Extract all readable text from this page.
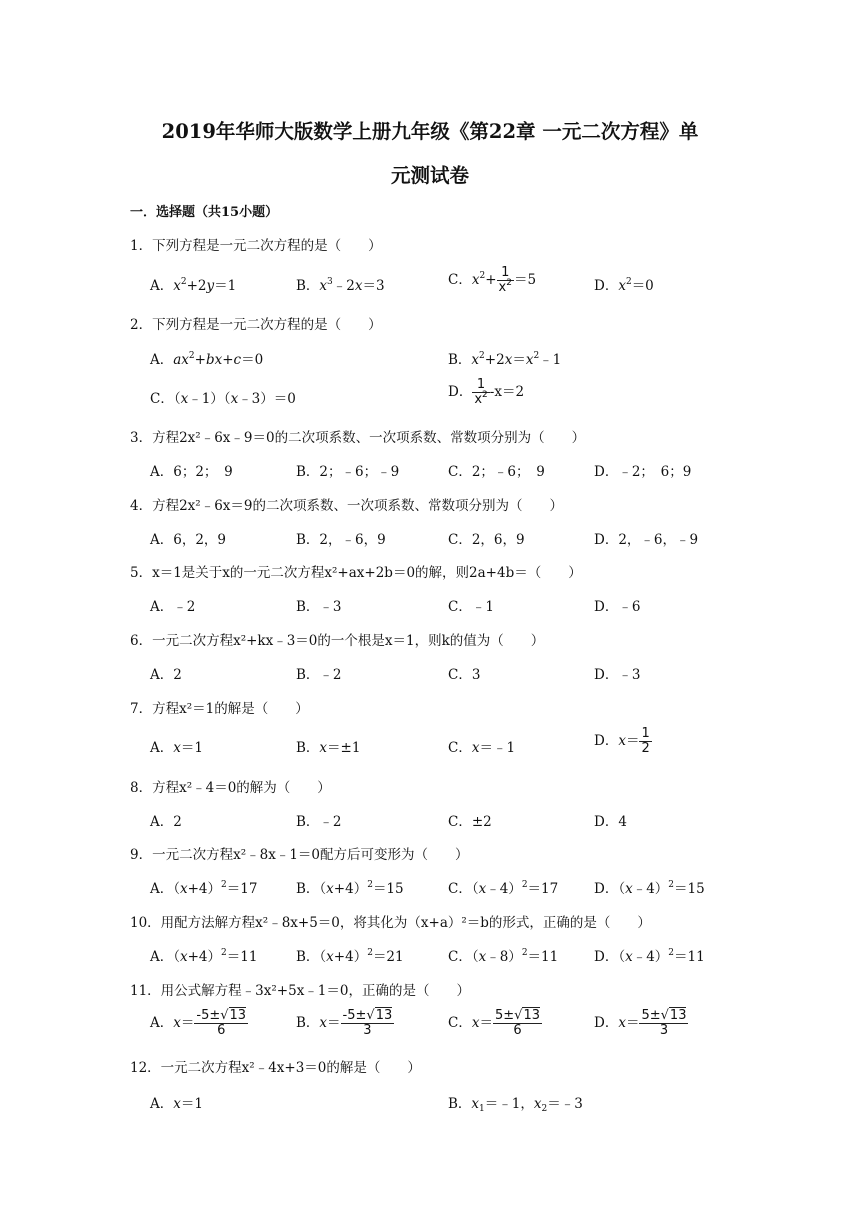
2019年华师大版数学上册九年级《第22章 一元二次方程》单
元测试卷
一．选择题（共15小题）
1．下列方程是一元二次方程的是（　　）
A．$x^2+2y=1$	B．$x^3﹣2x=3$	C．$x^2+ \frac{1}{x^2} =5$	D．$x^2=0$
2．下列方程是一元二次方程的是（　　）
A．$ax^2+bx+c=0$	B．$x^2+2x=x^2﹣1$
C．（x﹣1）（x﹣3）＝0	D． $\frac{1}{x^2} -x=2$
3．方程2x²﹣6x﹣9＝0的二次项系数、一次项系数、常数项分别为（　　）
A．6；2；　9	B．2；﹣6；﹣9	C．2；﹣6；　9	D．﹣2；　6；9
4．方程2x²﹣6x＝9的二次项系数、一次项系数、常数项分别为（　　）
A．6，2，9	B．2，﹣6，9	C．2，6，9	D．2，﹣6，﹣9
5．x＝1是关于x的一元二次方程x²+ax+2b＝0的解，则2a+4b＝（　　）
A．﹣2	B．﹣3	C．﹣1	D．﹣6
6．一元二次方程x²+kx﹣3＝0的一个根是x＝1，则k的值为（　　）
A．2	B．﹣2	C．3	D．﹣3
7．方程x²＝1的解是（　　）
A．x＝1	B．x＝±1	C．x＝﹣1	D．$x= \frac{1}{2}$
8．方程x²﹣4＝0的解为（　　）
A．2	B．﹣2	C．±2	D．4
9．一元二次方程x²﹣8x﹣1＝0配方后可变形为（　　）
A．$(x+4)^2=17$	B．$(x+4)^2=15$	C．（x﹣4）$^2$＝17	D．（x﹣4）$^2$＝15
10．用配方法解方程x²﹣8x+5＝0，将其化为（x+a）²＝b的形式，正确的是（　　）
A．$(x+4)^2=11$	B．$(x+4)^2=21$	C．（x﹣8）$^2$＝11	D．（x﹣4）$^2$＝11
11．用公式解方程﹣3x²+5x﹣1＝0，正确的是（　　）
A．$x= \frac{-5\pm√13}{6}$	B．$x= \frac{-5\pm√13}{3}$	C．$x= \frac{5\pm√13}{6}$	D．$x= \frac{5\pm√13}{3}$
12．一元二次方程x²﹣4x+3＝0的解是（　　）
A．x＝1	B．$x_1=﹣1$，$x_2=﹣3$
